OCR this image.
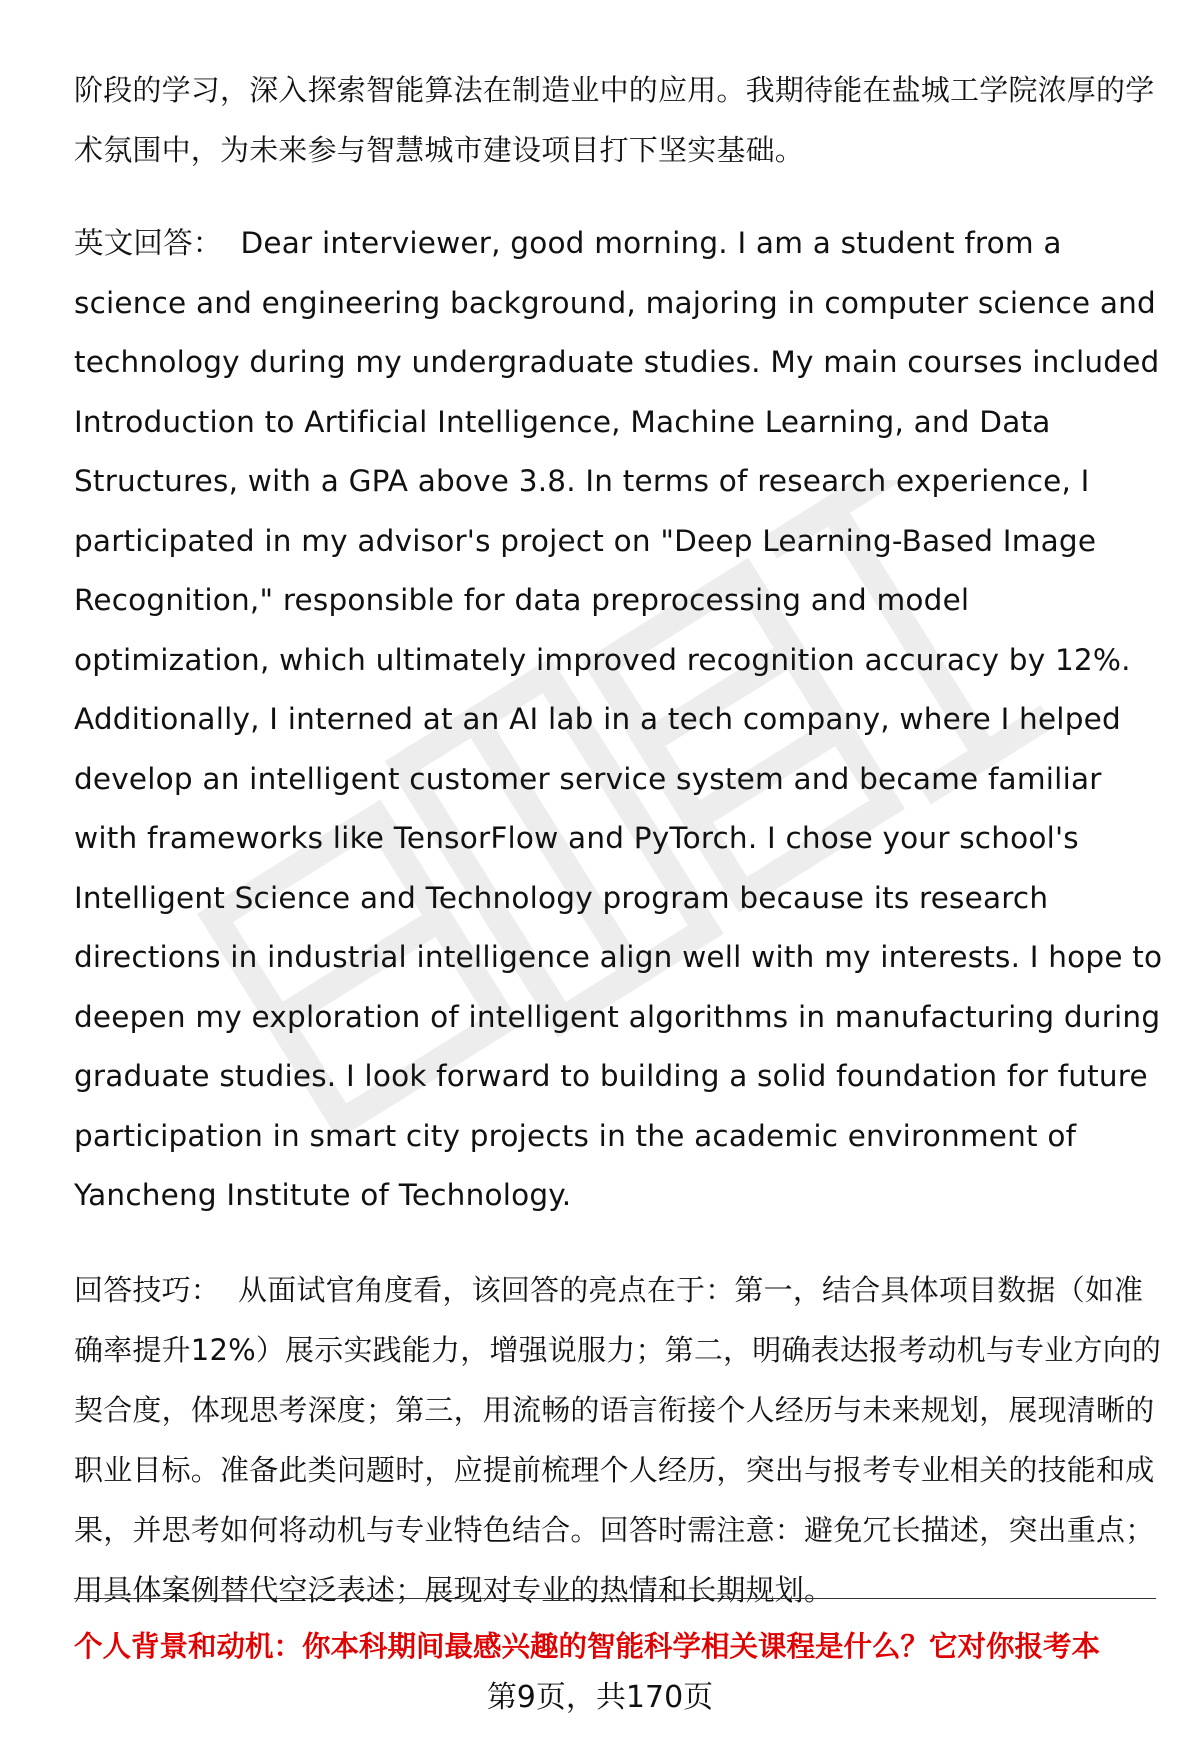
阶段的学习，深入探索智能算法在制造业中的应用。我期待能在盐城工学院浓厚的学术氛围中，为未来参与智慧城市建设项目打下坚实基础。

英文回答： Dear interviewer, good morning. I am a student from a science and engineering background, majoring in computer science and technology during my undergraduate studies. My main courses included Introduction to Artificial Intelligence, Machine Learning, and Data Structures, with a GPA above 3.8. In terms of research experience, I participated in my advisor's project on "Deep Learning-Based Image Recognition," responsible for data preprocessing and model optimization, which ultimately improved recognition accuracy by 12%. Additionally, I interned at an AI lab in a tech company, where I helped develop an intelligent customer service system and became familiar with frameworks like TensorFlow and PyTorch. I chose your school's Intelligent Science and Technology program because its research directions in industrial intelligence align well with my interests. I hope to deepen my exploration of intelligent algorithms in manufacturing during graduate studies. I look forward to building a solid foundation for future participation in smart city projects in the academic environment of Yancheng Institute of Technology.

回答技巧： 从面试官角度看，该回答的亮点在于：第一，结合具体项目数据（如准确率提升12%）展示实践能力，增强说服力；第二，明确表达报考动机与专业方向的契合度，体现思考深度；第三，用流畅的语言衔接个人经历与未来规划，展现清晰的职业目标。准备此类问题时，应提前梳理个人经历，突出与报考专业相关的技能和成果，并思考如何将动机与专业特色结合。回答时需注意：避免冗长描述，突出重点；用具体案例替代空泛表述；展现对专业的热情和长期规划。

个人背景和动机：你本科期间最感兴趣的智能科学相关课程是什么？它对你报考本
第9页，共170页
